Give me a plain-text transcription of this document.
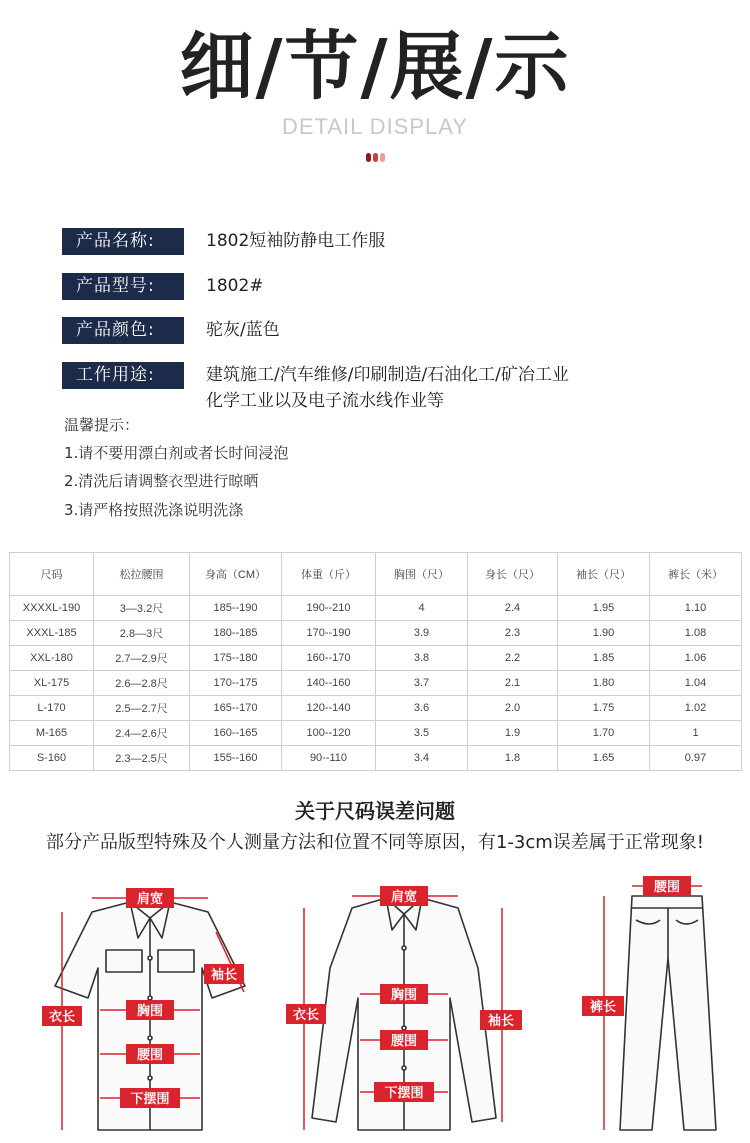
细/节/展/示
DETAIL DISPLAY
产品名称:	1802短袖防静电工作服
产品型号:	1802#
产品颜色:	驼灰/蓝色
工作用途:	建筑施工/汽车维修/印刷制造/石油化工/矿冶工业
化学工业以及电子流水线作业等
温馨提示：
1.请不要用漂白剂或者长时间浸泡
2.清洗后请调整衣型进行晾晒
3.请严格按照洗涤说明洗涤
尺码	松拉腰围	身高（CM）	体重（斤）	胸围（尺）	身长（尺）	袖长（尺）	裤长（米）
XXXXL-190	3—3.2尺	185--190	190--210	4	2.4	1.95	1.10
XXXL-185	2.8—3尺	180--185	170--190	3.9	2.3	1.90	1.08
XXL-180	2.7—2.9尺	175--180	160--170	3.8	2.2	1.85	1.06
XL-175	2.6—2.8尺	170--175	140--160	3.7	2.1	1.80	1.04
L-170	2.5—2.7尺	165--170	120--140	3.6	2.0	1.75	1.02
M-165	2.4—2.6尺	160--165	100--120	3.5	1.9	1.70	1
S-160	2.3—2.5尺	155--160	90--110	3.4	1.8	1.65	0.97
关于尺码误差问题
部分产品版型特殊及个人测量方法和位置不同等原因，有1-3cm误差属于正常现象!
肩宽
袖长
衣长	胸围
腰围
下摆围
肩宽
衣长	袖长
胸围
腰围
下摆围
腰围
裤长
